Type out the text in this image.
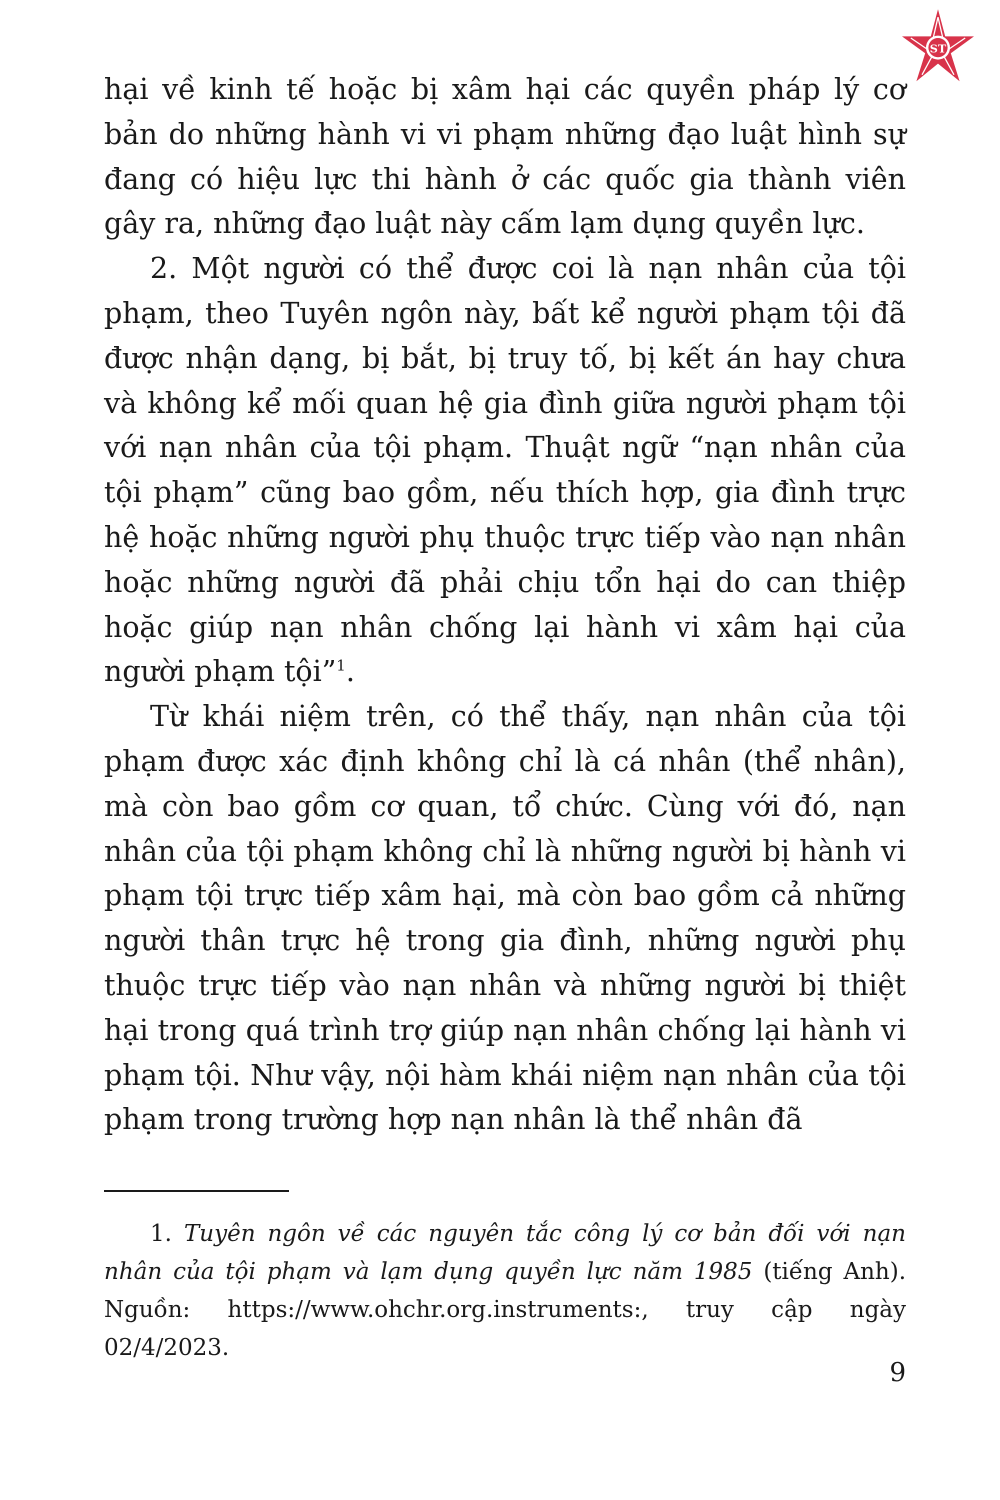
ST

hại về kinh tế hoặc bị xâm hại các quyền pháp lý cơ bản do những hành vi vi phạm những đạo luật hình sự đang có hiệu lực thi hành ở các quốc gia thành viên gây ra, những đạo luật này cấm lạm dụng quyền lực.

2. Một người có thể được coi là nạn nhân của tội phạm, theo Tuyên ngôn này, bất kể người phạm tội đã được nhận dạng, bị bắt, bị truy tố, bị kết án hay chưa và không kể mối quan hệ gia đình giữa người phạm tội với nạn nhân của tội phạm. Thuật ngữ “nạn nhân của tội phạm” cũng bao gồm, nếu thích hợp, gia đình trực hệ hoặc những người phụ thuộc trực tiếp vào nạn nhân hoặc những người đã phải chịu tổn hại do can thiệp hoặc giúp nạn nhân chống lại hành vi xâm hại của người phạm tội”$^1$.

Từ khái niệm trên, có thể thấy, nạn nhân của tội phạm được xác định không chỉ là cá nhân (thể nhân), mà còn bao gồm cơ quan, tổ chức. Cùng với đó, nạn nhân của tội phạm không chỉ là những người bị hành vi phạm tội trực tiếp xâm hại, mà còn bao gồm cả những người thân trực hệ trong gia đình, những người phụ thuộc trực tiếp vào nạn nhân và những người bị thiệt hại trong quá trình trợ giúp nạn nhân chống lại hành vi phạm tội. Như vậy, nội hàm khái niệm nạn nhân của tội phạm trong trường hợp nạn nhân là thể nhân đã

1. Tuyên ngôn về các nguyên tắc công lý cơ bản đối với nạn nhân của tội phạm và lạm dụng quyền lực năm 1985 (tiếng Anh). Nguồn: https://www.ohchr.org.instruments:, truy cập ngày 02/4/2023.

9
